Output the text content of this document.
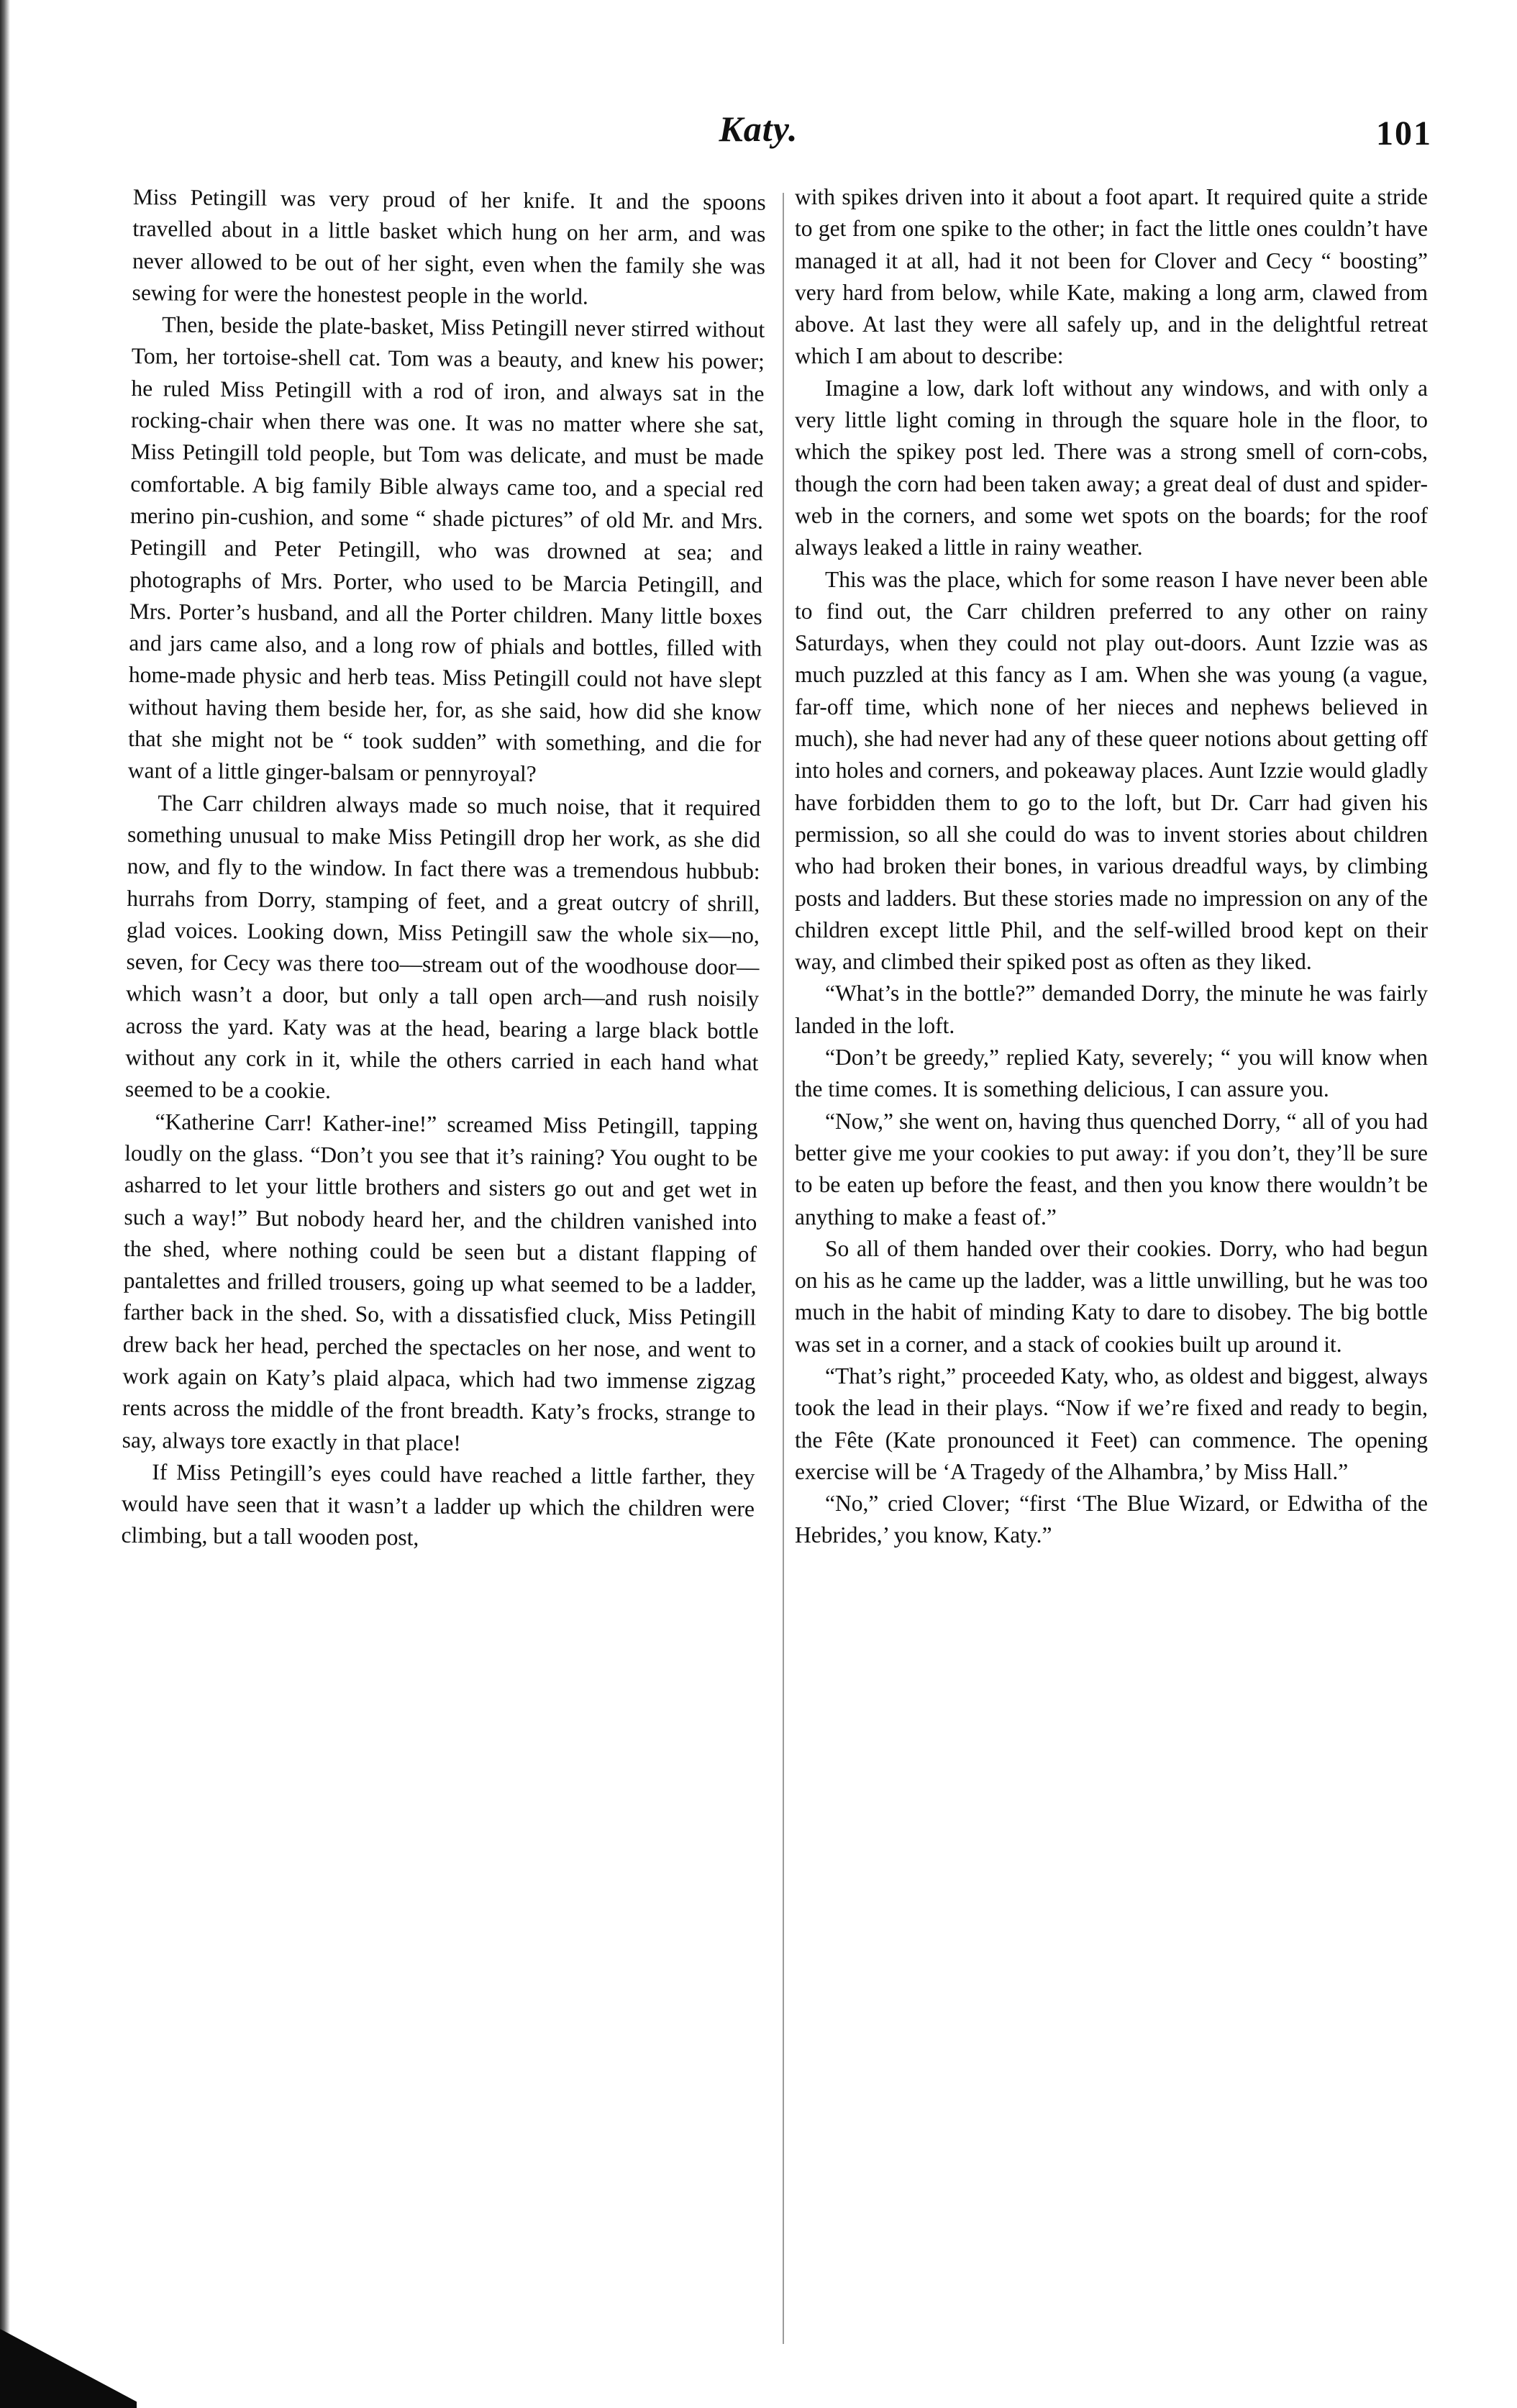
Katy.	101

Miss Petingill was very proud of her knife. It and the spoons travelled about in a little basket which hung on her arm, and was never allowed to be out of her sight, even when the family she was sewing for were the honestest people in the world.

Then, beside the plate-basket, Miss Petingill never stirred without Tom, her tortoise-shell cat. Tom was a beauty, and knew his power; he ruled Miss Petingill with a rod of iron, and always sat in the rocking-chair when there was one. It was no matter where she sat, Miss Petingill told people, but Tom was delicate, and must be made comfortable. A big family Bible always came too, and a special red merino pin-cushion, and some “ shade pictures” of old Mr. and Mrs. Petingill and Peter Petingill, who was drowned at sea; and photographs of Mrs. Porter, who used to be Marcia Petingill, and Mrs. Porter’s husband, and all the Porter children. Many little boxes and jars came also, and a long row of phials and bottles, filled with home-made physic and herb teas. Miss Petingill could not have slept without having them beside her, for, as she said, how did she know that she might not be “ took sudden” with something, and die for want of a little ginger-balsam or pennyroyal?

The Carr children always made so much noise, that it required something unusual to make Miss Petingill drop her work, as she did now, and fly to the window. In fact there was a tremendous hubbub: hurrahs from Dorry, stamping of feet, and a great outcry of shrill, glad voices. Looking down, Miss Petingill saw the whole six—no, seven, for Cecy was there too—stream out of the woodhouse door—which wasn’t a door, but only a tall open arch—and rush noisily across the yard. Katy was at the head, bearing a large black bottle without any cork in it, while the others carried in each hand what seemed to be a cookie.

“Katherine Carr! Kather-ine!” screamed Miss Petingill, tapping loudly on the glass. “Don’t you see that it’s raining? You ought to be asharred to let your little brothers and sisters go out and get wet in such a way!” But nobody heard her, and the children vanished into the shed, where nothing could be seen but a distant flapping of pantalettes and frilled trousers, going up what seemed to be a ladder, farther back in the shed. So, with a dissatisfied cluck, Miss Petingill drew back her head, perched the spectacles on her nose, and went to work again on Katy’s plaid alpaca, which had two immense zigzag rents across the middle of the front breadth. Katy’s frocks, strange to say, always tore exactly in that place!

If Miss Petingill’s eyes could have reached a little farther, they would have seen that it wasn’t a ladder up which the children were climbing, but a tall wooden post,

with spikes driven into it about a foot apart. It required quite a stride to get from one spike to the other; in fact the little ones couldn’t have managed it at all, had it not been for Clover and Cecy “ boosting” very hard from below, while Kate, making a long arm, clawed from above. At last they were all safely up, and in the delightful retreat which I am about to describe:

Imagine a low, dark loft without any windows, and with only a very little light coming in through the square hole in the floor, to which the spikey post led. There was a strong smell of corn-cobs, though the corn had been taken away; a great deal of dust and spider-web in the corners, and some wet spots on the boards; for the roof always leaked a little in rainy weather.

This was the place, which for some reason I have never been able to find out, the Carr children preferred to any other on rainy Saturdays, when they could not play out-doors. Aunt Izzie was as much puzzled at this fancy as I am. When she was young (a vague, far-off time, which none of her nieces and nephews believed in much), she had never had any of these queer notions about getting off into holes and corners, and pokeaway places. Aunt Izzie would gladly have forbidden them to go to the loft, but Dr. Carr had given his permission, so all she could do was to invent stories about children who had broken their bones, in various dreadful ways, by climbing posts and ladders. But these stories made no impression on any of the children except little Phil, and the self-willed brood kept on their way, and climbed their spiked post as often as they liked.

“What’s in the bottle?” demanded Dorry, the minute he was fairly landed in the loft.

“Don’t be greedy,” replied Katy, severely; “ you will know when the time comes. It is something delicious, I can assure you.

“Now,” she went on, having thus quenched Dorry, “ all of you had better give me your cookies to put away: if you don’t, they’ll be sure to be eaten up before the feast, and then you know there wouldn’t be anything to make a feast of.”

So all of them handed over their cookies. Dorry, who had begun on his as he came up the ladder, was a little unwilling, but he was too much in the habit of minding Katy to dare to disobey. The big bottle was set in a corner, and a stack of cookies built up around it.

“That’s right,” proceeded Katy, who, as oldest and biggest, always took the lead in their plays. “Now if we’re fixed and ready to begin, the Fête (Kate pronounced it Feet) can commence. The opening exercise will be ‘A Tragedy of the Alhambra,’ by Miss Hall.”

“No,” cried Clover; “first ‘The Blue Wizard, or Edwitha of the Hebrides,’ you know, Katy.”
